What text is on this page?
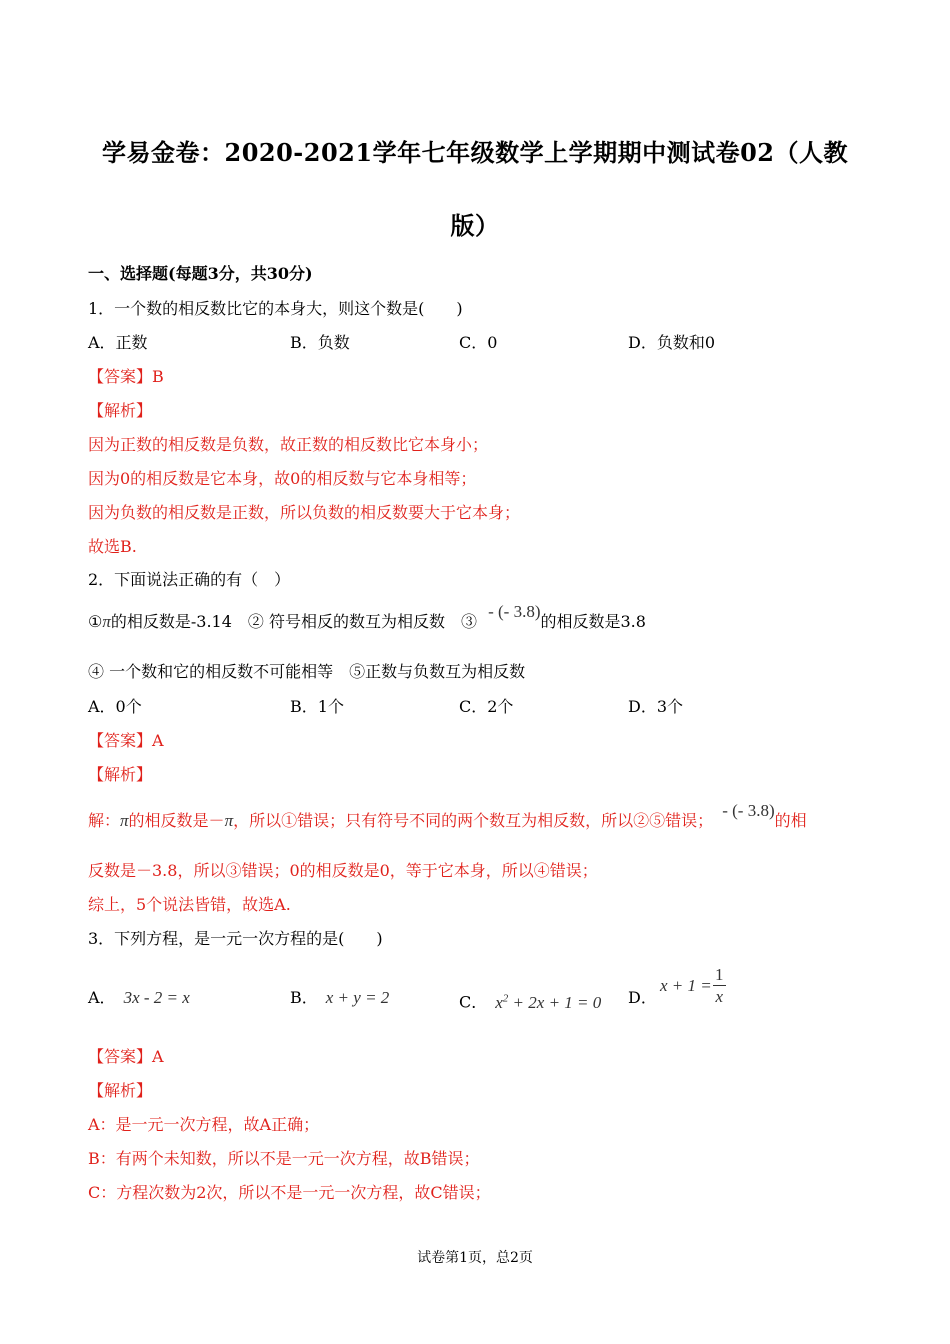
学易金卷：2020-2021学年七年级数学上学期期中测试卷02（人教
版）
一、选择题(每题3分，共30分)
1．一个数的相反数比它的本身大，则这个数是(　　)
A．正数	B．负数	C．0	D．负数和0
【答案】B
【解析】
因为正数的相反数是负数，故正数的相反数比它本身小；
因为0的相反数是它本身，故0的相反数与它本身相等；
因为负数的相反数是正数，所以负数的相反数要大于它本身；
故选B.
2．下面说法正确的有（　）
①π的相反数是-3.14　② 符号相反的数互为相反数　③ - (- 3.8)的相反数是3.8
④ 一个数和它的相反数不可能相等　⑤正数与负数互为相反数
A．0个	B．1个	C．2个	D．3个
【答案】A
【解析】
解：π的相反数是－π，所以①错误；只有符号不同的两个数互为相反数，所以②⑤错误； - (- 3.8)的相
反数是－3.8，所以③错误；0的相反数是0，等于它本身，所以④错误；
综上，5个说法皆错，故选A.
3．下列方程，是一元一次方程的是(　　)
A． 3x - 2 = x	B． x + y = 2	C． $x^2 + 2x + 1 = 0$ D．
$x + 1 = \frac{1}{x}$
【答案】A
【解析】
A：是一元一次方程，故A正确；
B：有两个未知数，所以不是一元一次方程，故B错误；
C：方程次数为2次，所以不是一元一次方程，故C错误；
试卷第1页，总2页
